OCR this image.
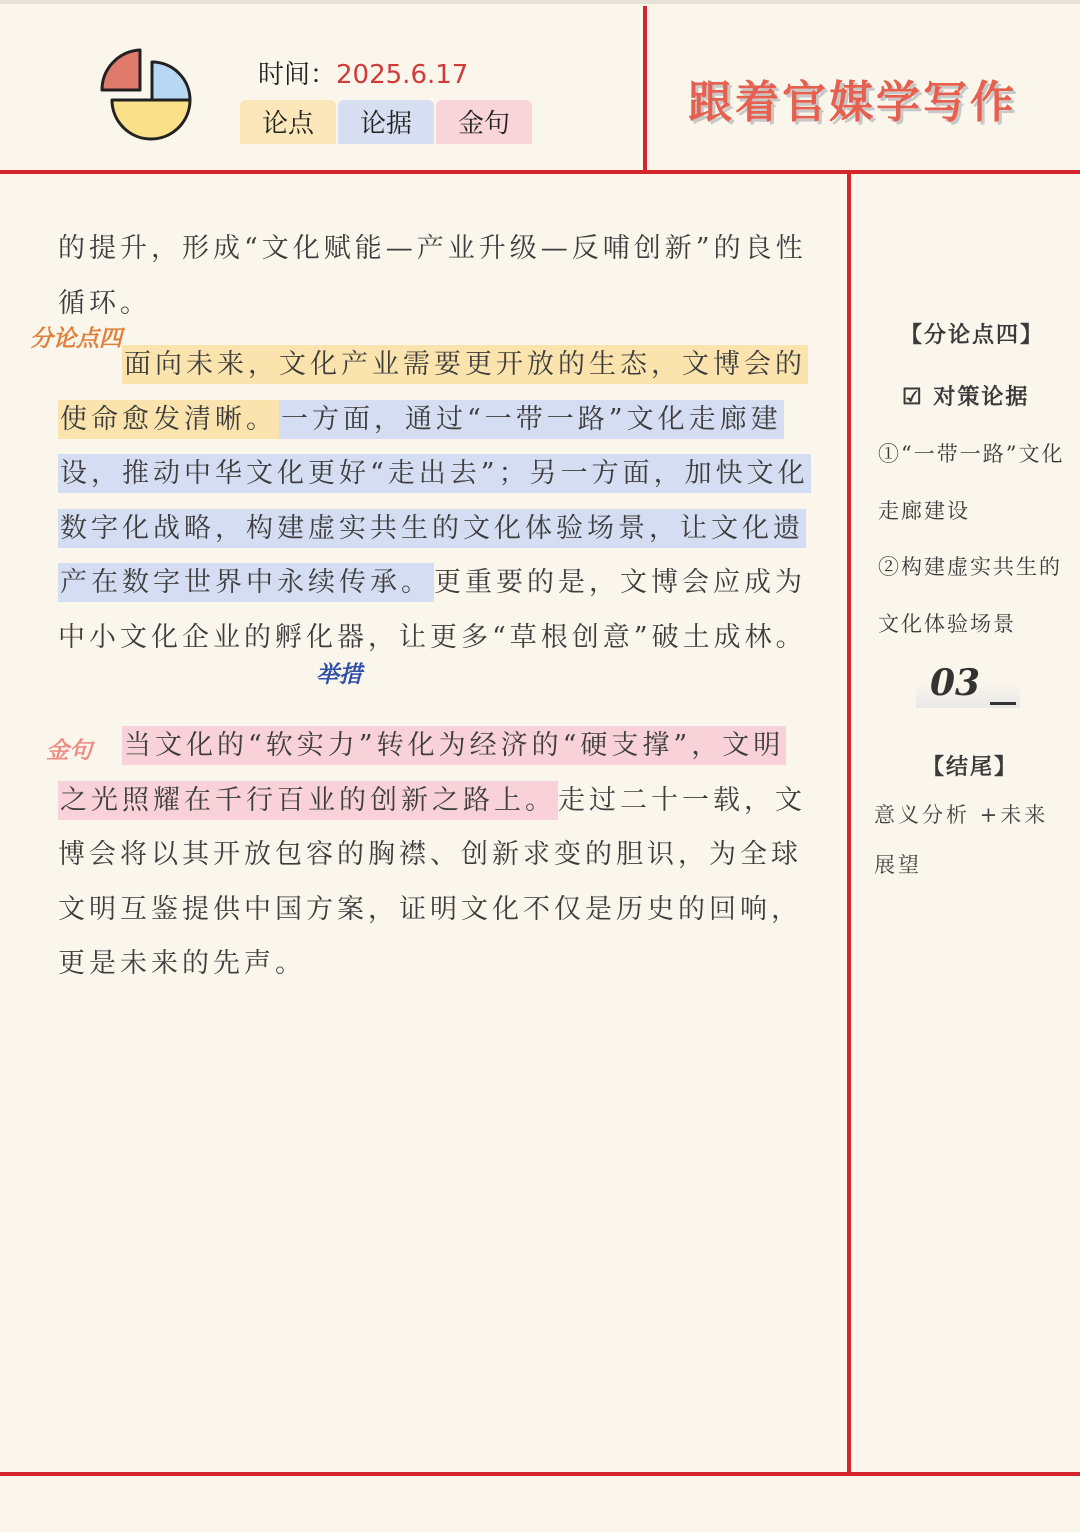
时间：2025.6.17
论点	论据	金句	跟着官媒学写作
的提升，形成“文化赋能—产业升级—反哺创新”的良性循环。
分论点四
面向未来，文化产业需要更开放的生态，文博会的使命愈发清晰。 一方面，通过“一带一路”文化走廊建设，推动中华文化更好“走出去”；另一方面，加快文化数字化战略，构建虚实共生的文化体验场景，让文化遗产在数字世界中永续传承。更重要的是，文博会应成为中小文化企业的孵化器，让更多“草根创意”破土成林。
举措
金句	当文化的“软实力”转化为经济的“硬支撑”，文明之光照耀在千行百业的创新之路上。走过二十一载，文博会将以其开放包容的胸襟、创新求变的胆识，为全球文明互鉴提供中国方案，证明文化不仅是历史的回响，更是未来的先声。
【分论点四】
☑ 对策论据
①“一带一路”文化走廊建设
②构建虚实共生的文化体验场景
03
【结尾】
意义分析 +未来展望
